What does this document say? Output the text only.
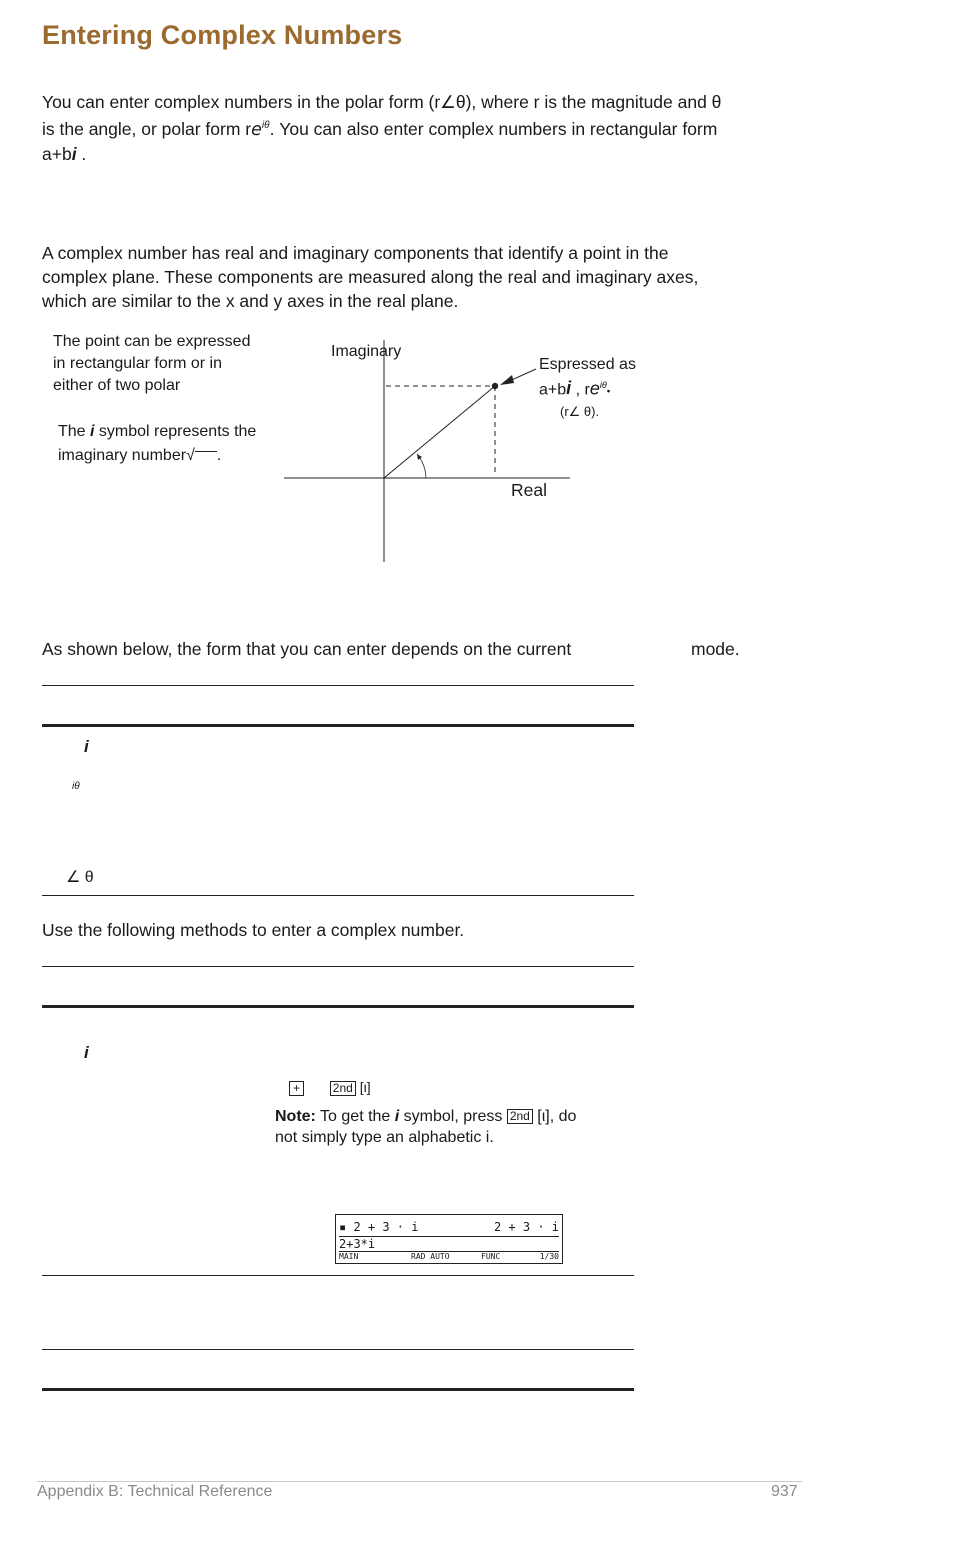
Entering Complex Numbers
You can enter complex numbers in the polar form (r∠θ), where r is the magnitude and θ
is the angle, or polar form $re^{i\theta}$. You can also enter complex numbers in rectangular form
a+bi .
A complex number has real and imaginary components that identify a point in the
complex plane. These components are measured along the real and imaginary axes,
which are similar to the x and y axes in the real plane.
The point can be expressed
in rectangular form or in
either of two polar
The i symbol represents the
imaginary number√ .
Imaginary
Real
Espressed as
a+bi , $re^{i\theta}•$
(r∠ θ).
As shown below, the form that you can enter depends on the current	mode.
i
iθ
∠ θ
Use the following methods to enter a complex number.
i
+	2nd [ι]
Note: To get the i symbol, press 2nd [ι], do
not simply type an alphabetic i.
▪ 2 + 3 · i	2 + 3 · i
2+3*i
MAIN	RAD AUTO	FUNC	1/30
Appendix B: Technical Reference	937
